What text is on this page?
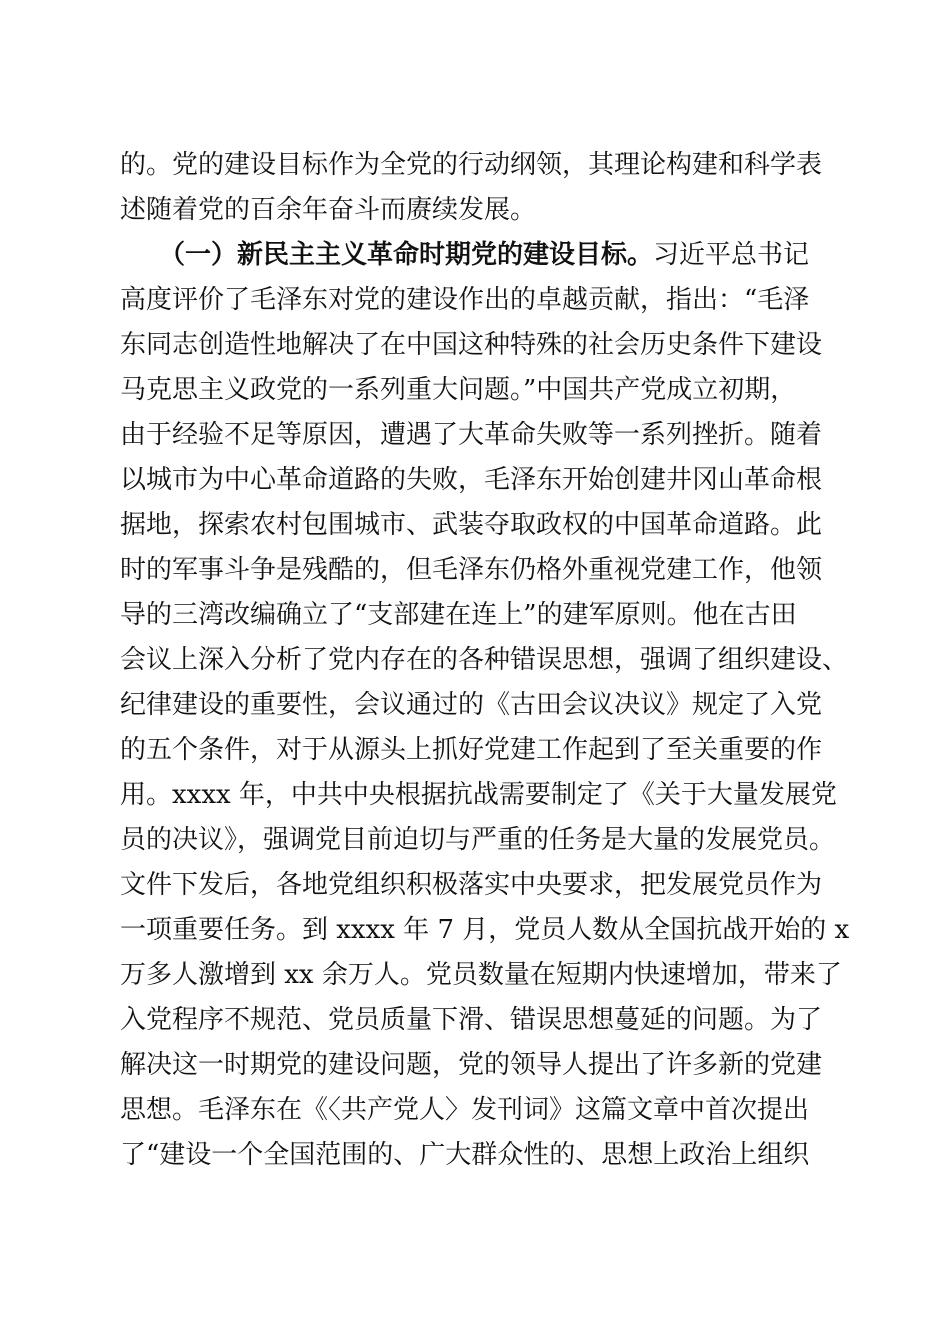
的。党的建设目标作为全党的行动纲领，其理论构建和科学表
述随着党的百余年奋斗而赓续发展。
　　（一）新民主主义革命时期党的建设目标。习近平总书记
高度评价了毛泽东对党的建设作出的卓越贡献，指出：“毛泽
东同志创造性地解决了在中国这种特殊的社会历史条件下建设
马克思主义政党的一系列重大问题。”中国共产党成立初期，
由于经验不足等原因，遭遇了大革命失败等一系列挫折。随着
以城市为中心革命道路的失败，毛泽东开始创建井冈山革命根
据地，探索农村包围城市、武装夺取政权的中国革命道路。此
时的军事斗争是残酷的，但毛泽东仍格外重视党建工作，他领
导的三湾改编确立了“支部建在连上”的建军原则。他在古田
会议上深入分析了党内存在的各种错误思想，强调了组织建设、
纪律建设的重要性，会议通过的《古田会议决议》规定了入党
的五个条件，对于从源头上抓好党建工作起到了至关重要的作
用。xxxx 年，中共中央根据抗战需要制定了《关于大量发展党
员的决议》，强调党目前迫切与严重的任务是大量的发展党员。
文件下发后，各地党组织积极落实中央要求，把发展党员作为
一项重要任务。到 xxxx 年 7 月，党员人数从全国抗战开始的 x
万多人激增到 xx 余万人。党员数量在短期内快速增加，带来了
入党程序不规范、党员质量下滑、错误思想蔓延的问题。为了
解决这一时期党的建设问题，党的领导人提出了许多新的党建
思想。毛泽东在《〈共产党人〉发刊词》这篇文章中首次提出
了“建设一个全国范围的、广大群众性的、思想上政治上组织
